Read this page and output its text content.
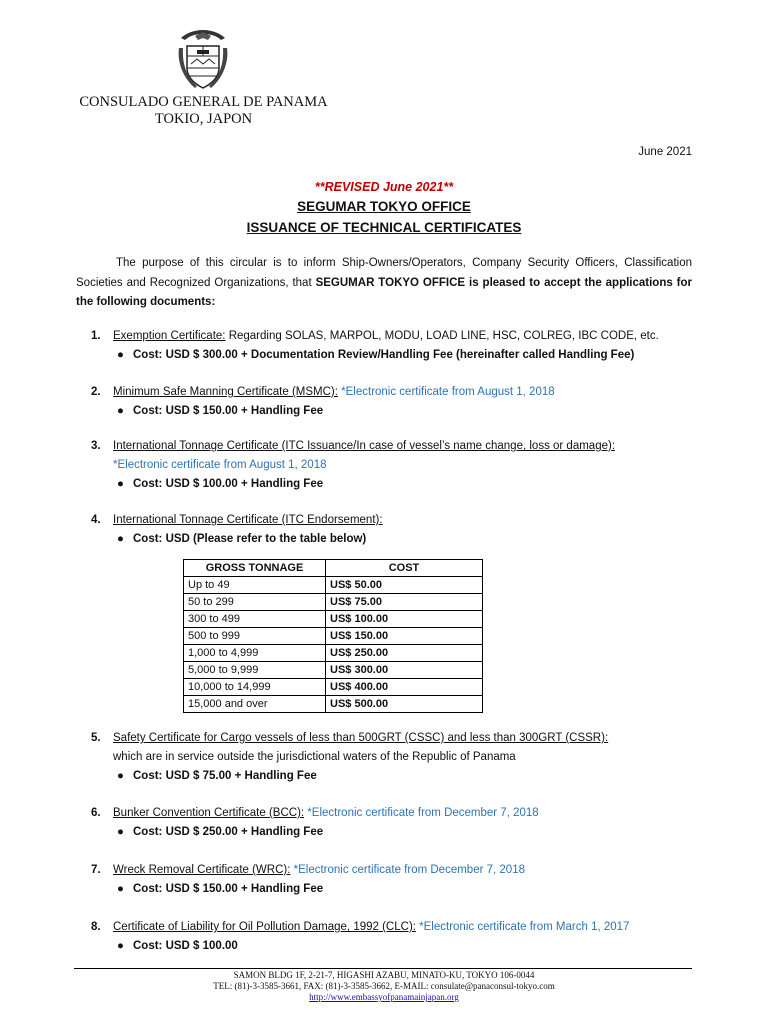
CONSULADO GENERAL DE PANAMA
TOKIO, JAPON
June 2021
**REVISED June 2021**
SEGUMAR TOKYO OFFICE
ISSUANCE OF TECHNICAL CERTIFICATES
The purpose of this circular is to inform Ship-Owners/Operators, Company Security Officers, Classification Societies and Recognized Organizations, that SEGUMAR TOKYO OFFICE is pleased to accept the applications for the following documents:
1. Exemption Certificate: Regarding SOLAS, MARPOL, MODU, LOAD LINE, HSC, COLREG, IBC CODE, etc.
● Cost: USD $ 300.00 + Documentation Review/Handling Fee (hereinafter called Handling Fee)
2. Minimum Safe Manning Certificate (MSMC): *Electronic certificate from August 1, 2018
● Cost: USD $ 150.00 + Handling Fee
3. International Tonnage Certificate (ITC Issuance/In case of vessel’s name change, loss or damage):
*Electronic certificate from August 1, 2018
● Cost: USD $ 100.00 + Handling Fee
4. International Tonnage Certificate (ITC Endorsement):
● Cost: USD (Please refer to the table below)
GROSS TONNAGE	COST
Up to 49	US$ 50.00
50 to 299	US$ 75.00
300 to 499	US$ 100.00
500 to 999	US$ 150.00
1,000 to 4,999	US$ 250.00
5,000 to 9,999	US$ 300.00
10,000 to 14,999	US$ 400.00
15,000 and over	US$ 500.00
5. Safety Certificate for Cargo vessels of less than 500GRT (CSSC) and less than 300GRT (CSSR):
which are in service outside the jurisdictional waters of the Republic of Panama
● Cost: USD $ 75.00 + Handling Fee
6. Bunker Convention Certificate (BCC): *Electronic certificate from December 7, 2018
● Cost: USD $ 250.00 + Handling Fee
7. Wreck Removal Certificate (WRC): *Electronic certificate from December 7, 2018
● Cost: USD $ 150.00 + Handling Fee
8. Certificate of Liability for Oil Pollution Damage, 1992 (CLC): *Electronic certificate from March 1, 2017
● Cost: USD $ 100.00
SAMON BLDG 1F, 2-21-7, HIGASHI AZABU, MINATO-KU, TOKYO 106-0044
TEL: (81)-3-3585-3661, FAX: (81)-3-3585-3662, E-MAIL: consulate@panaconsul-tokyo.com
http://www.embassyofpanamainjapan.org
